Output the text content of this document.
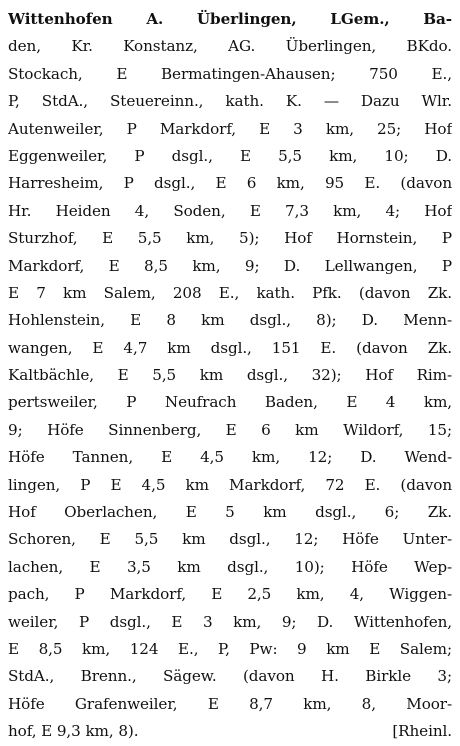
Wittenhofen A. Überlingen, LGem., Ba-
den, Kr. Konstanz, AG. Überlingen, BKdo.
Stockach, E Bermatingen-Ahausen; 750 E.,
P, StdA., Steuereinn., kath. K. — Dazu Wlr.
Autenweiler, P Markdorf, E 3 km, 25; Hof
Eggenweiler, P dsgl., E 5,5 km, 10; D.
Harresheim, P dsgl., E 6 km, 95 E. (davon
Hr. Heiden 4, Soden, E 7,3 km, 4; Hof
Sturzhof, E 5,5 km, 5); Hof Hornstein, P
Markdorf, E 8,5 km, 9; D. Lellwangen, P
E 7 km Salem, 208 E., kath. Pfk. (davon Zk.
Hohlenstein, E 8 km dsgl., 8); D. Menn-
wangen, E 4,7 km dsgl., 151 E. (davon Zk.
Kaltbächle, E 5,5 km dsgl., 32); Hof Rim-
pertsweiler, P Neufrach Baden, E 4 km,
9; Höfe Sinnenberg, E 6 km Wildorf, 15;
Höfe Tannen, E 4,5 km, 12; D. Wend-
lingen, P E 4,5 km Markdorf, 72 E. (davon
Hof Oberlachen, E 5 km dsgl., 6; Zk.
Schoren, E 5,5 km dsgl., 12; Höfe Unter-
lachen, E 3,5 km dsgl., 10); Höfe Wep-
pach, P Markdorf, E 2,5 km, 4, Wiggen-
weiler, P dsgl., E 3 km, 9; D. Wittenhofen,
E 8,5 km, 124 E., P, Pw: 9 km E Salem;
StdA., Brenn., Sägew. (davon H. Birkle 3;
Höfe Grafenweiler, E 8,7 km, 8, Moor-
hof, E 9,3 km, 8).	[Rheinl.
